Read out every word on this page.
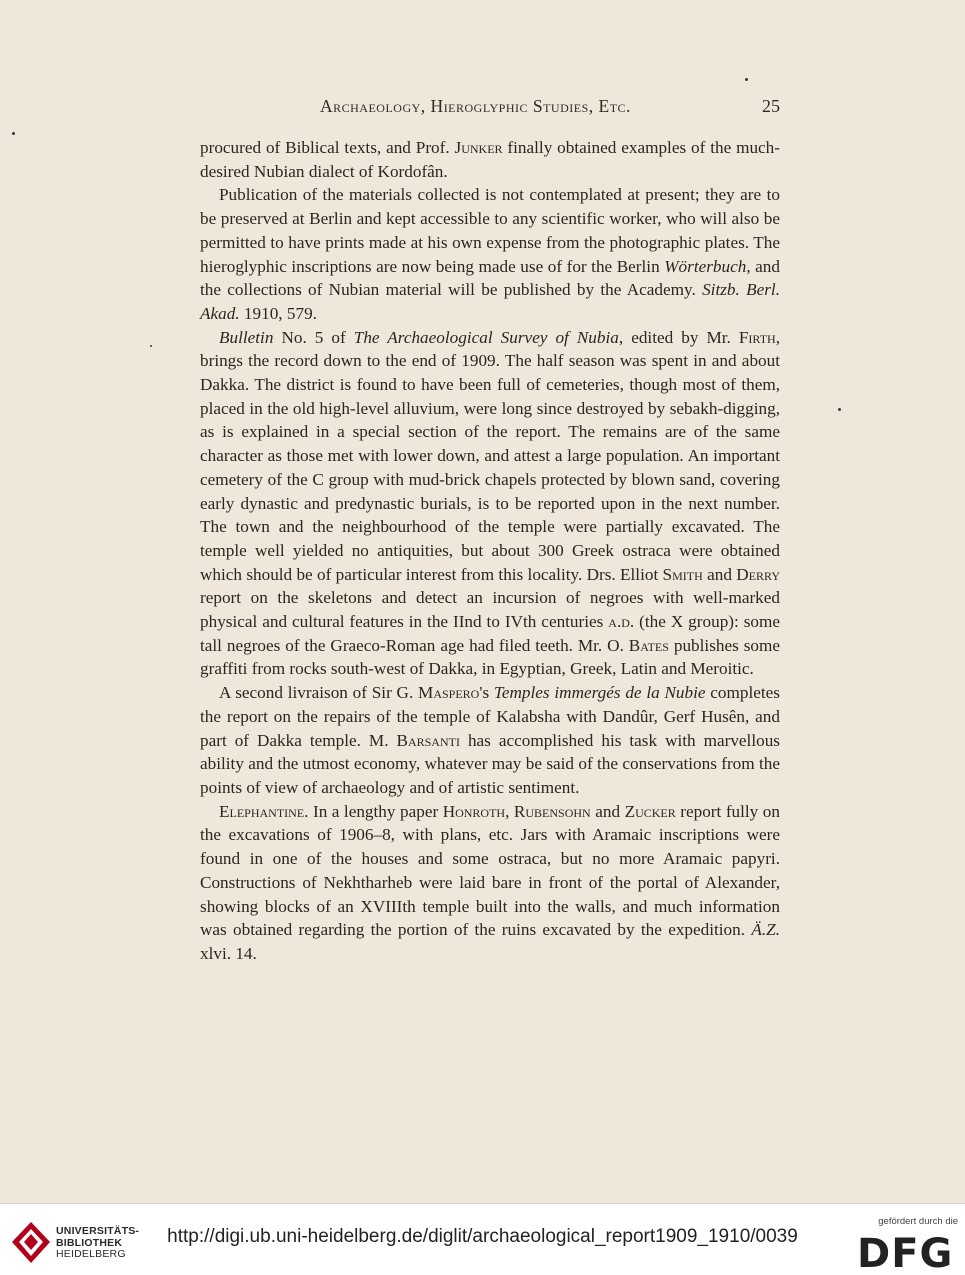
Archaeology, Hieroglyphic Studies, Etc.	25

procured of Biblical texts, and Prof. Junker finally obtained examples of the much-desired Nubian dialect of Kordofân.

Publication of the materials collected is not contemplated at present; they are to be preserved at Berlin and kept accessible to any scientific worker, who will also be permitted to have prints made at his own expense from the photographic plates. The hieroglyphic inscriptions are now being made use of for the Berlin Wörterbuch, and the collections of Nubian material will be published by the Academy. Sitzb. Berl. Akad. 1910, 579.

Bulletin No. 5 of The Archaeological Survey of Nubia, edited by Mr. Firth, brings the record down to the end of 1909. The half season was spent in and about Dakka. The district is found to have been full of cemeteries, though most of them, placed in the old high-level alluvium, were long since destroyed by sebakh-digging, as is explained in a special section of the report. The remains are of the same character as those met with lower down, and attest a large population. An important cemetery of the C group with mud-brick chapels protected by blown sand, covering early dynastic and predynastic burials, is to be reported upon in the next number. The town and the neighbourhood of the temple were partially excavated. The temple well yielded no antiquities, but about 300 Greek ostraca were obtained which should be of particular interest from this locality. Drs. Elliot Smith and Derry report on the skeletons and detect an incursion of negroes with well-marked physical and cultural features in the IInd to IVth centuries a.d. (the X group): some tall negroes of the Graeco-Roman age had filed teeth. Mr. O. Bates publishes some graffiti from rocks south-west of Dakka, in Egyptian, Greek, Latin and Meroitic.

A second livraison of Sir G. Maspero's Temples immergés de la Nubie completes the report on the repairs of the temple of Kalabsha with Dandûr, Gerf Husên, and part of Dakka temple. M. Barsanti has accomplished his task with marvellous ability and the utmost economy, whatever may be said of the conservations from the points of view of archaeology and of artistic sentiment.

Elephantine. In a lengthy paper Honroth, Rubensohn and Zucker report fully on the excavations of 1906–8, with plans, etc. Jars with Aramaic inscriptions were found in one of the houses and some ostraca, but no more Aramaic papyri. Constructions of Nekhtharheb were laid bare in front of the portal of Alexander, showing blocks of an XVIIIth temple built into the walls, and much information was obtained regarding the portion of the ruins excavated by the expedition. Ä.Z. xlvi. 14.

UNIVERSITÄTS-
BIBLIOTHEK
HEIDELBERG
http://digi.ub.uni-heidelberg.de/diglit/archaeological_report1909_1910/0039
gefördert durch die
DFG
